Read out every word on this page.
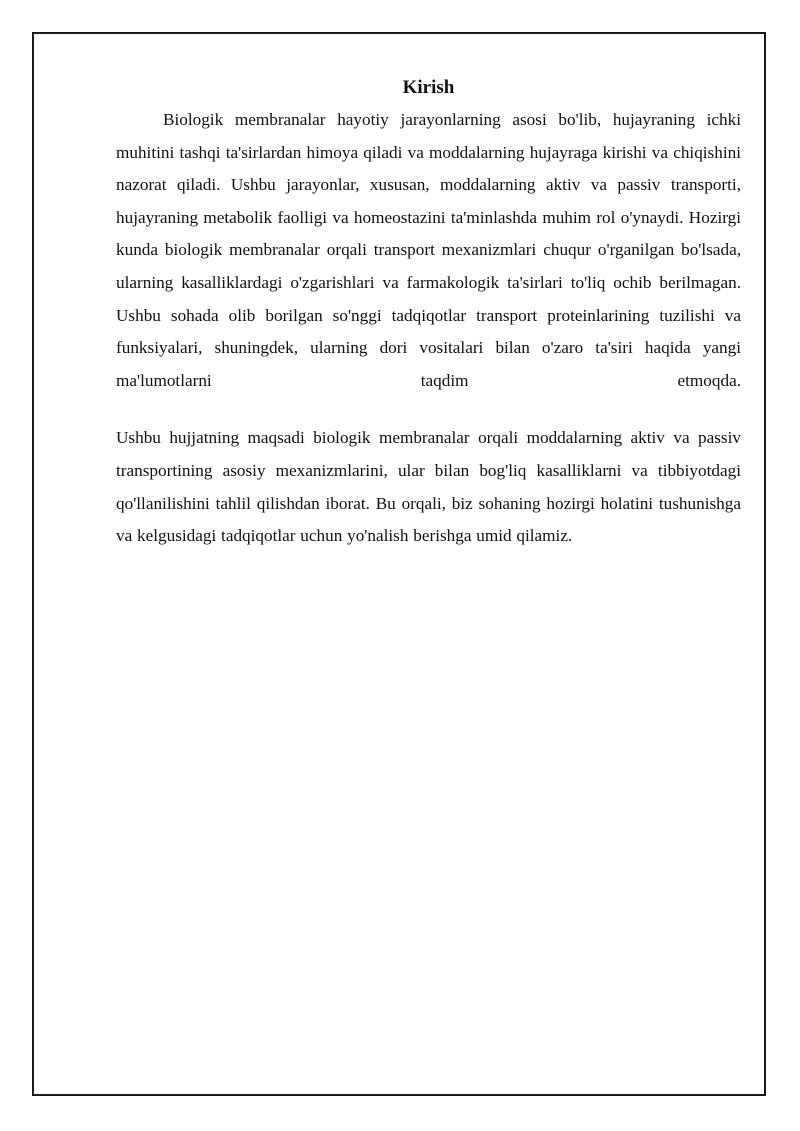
Kirish

Biologik membranalar hayotiy jarayonlarning asosi bo'lib, hujayraning ichki muhitini tashqi ta'sirlardan himoya qiladi va moddalarning hujayraga kirishi va chiqishini nazorat qiladi. Ushbu jarayonlar, xususan, moddalarning aktiv va passiv transporti, hujayraning metabolik faolligi va homeostazini ta'minlashda muhim rol o'ynaydi. Hozirgi kunda biologik membranalar orqali transport mexanizmlari chuqur o'rganilgan bo'lsada, ularning kasalliklardagi o'zgarishlari va farmakologik ta'sirlari to'liq ochib berilmagan. Ushbu sohada olib borilgan so'nggi tadqiqotlar transport proteinlarining tuzilishi va funksiyalari, shuningdek, ularning dori vositalari bilan o'zaro ta'siri haqida yangi ma'lumotlarni taqdim etmoqda.

Ushbu hujjatning maqsadi biologik membranalar orqali moddalarning aktiv va passiv transportining asosiy mexanizmlarini, ular bilan bog'liq kasalliklarni va tibbiyotdagi qo'llanilishini tahlil qilishdan iborat. Bu orqali, biz sohaning hozirgi holatini tushunishga va kelgusidagi tadqiqotlar uchun yo'nalish berishga umid qilamiz.
